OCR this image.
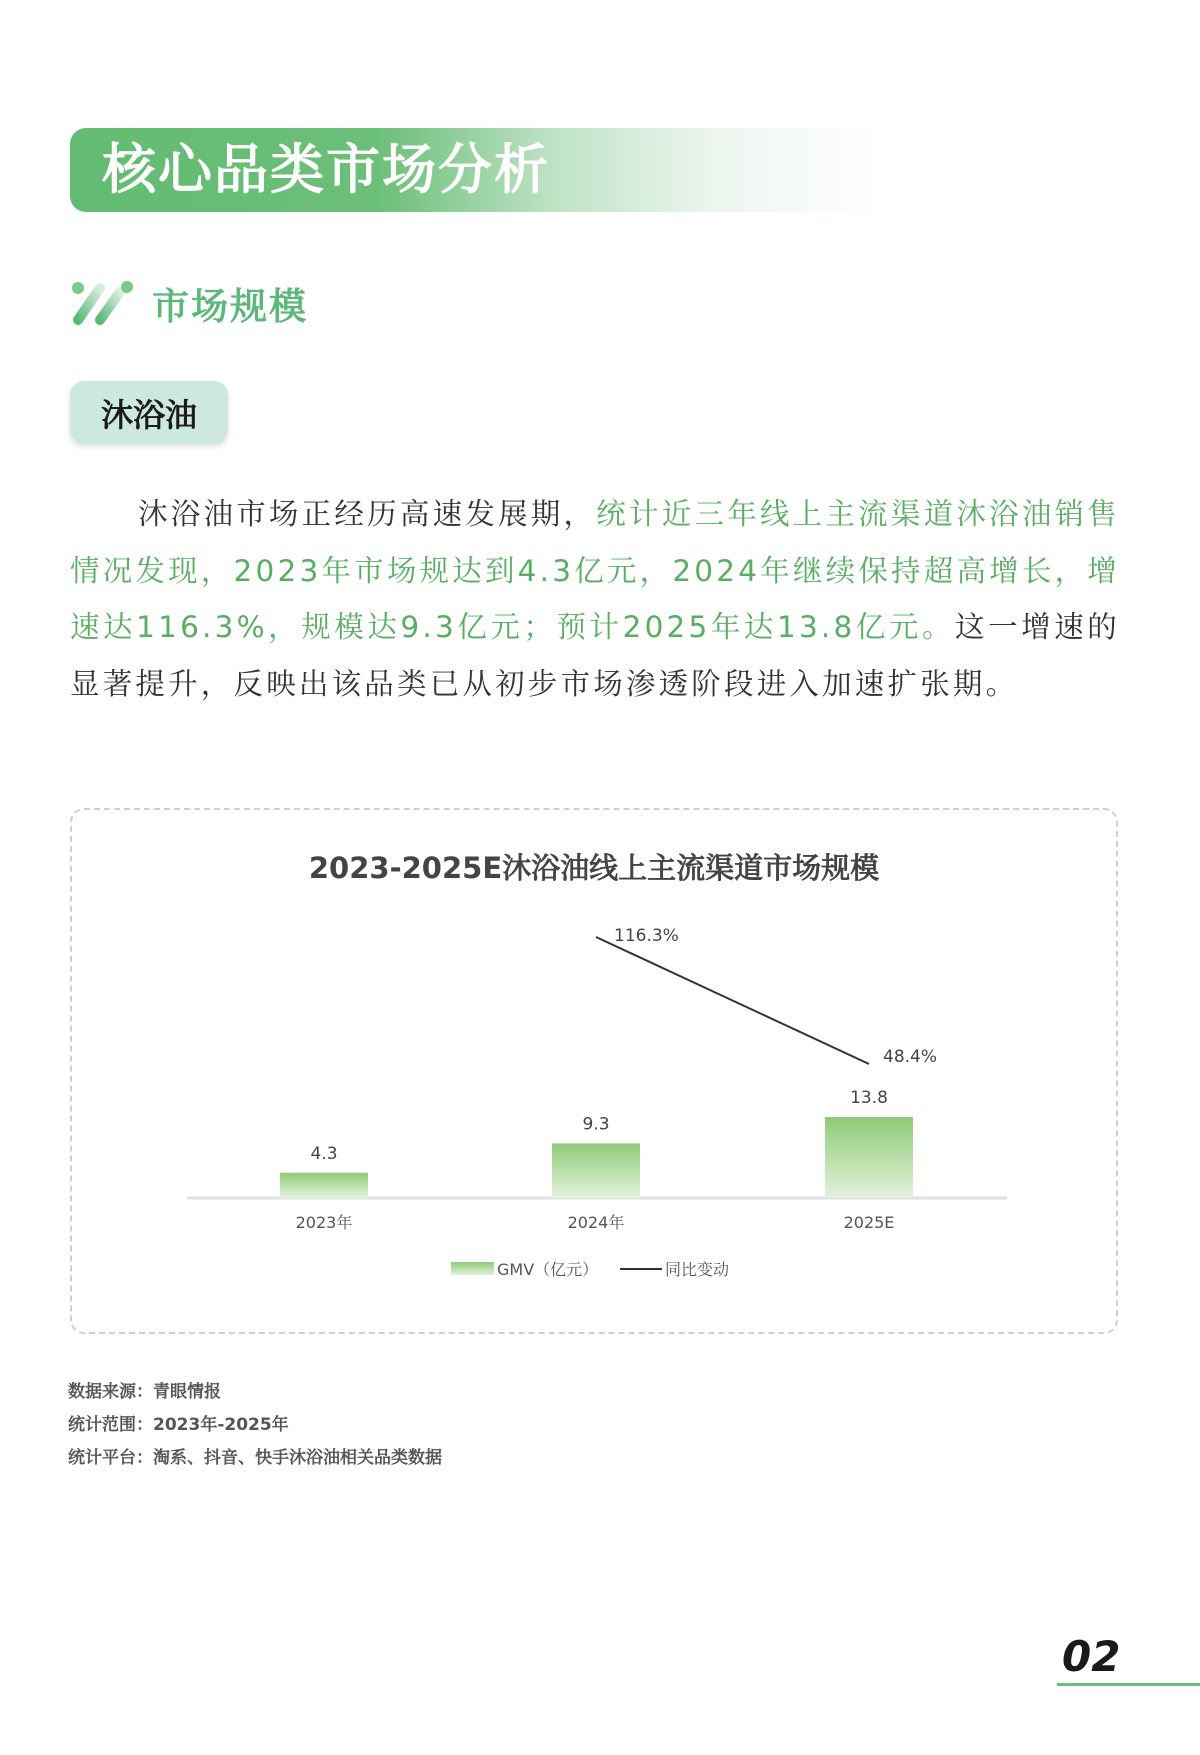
核心品类市场分析
市场规模
沐浴油
沐浴油市场正经历高速发展期，统计近三年线上主流渠道沐浴油销售情况发现，2023年市场规达到4.3亿元，2024年继续保持超高增长，增速达116.3%，规模达9.3亿元；预计2025年达13.8亿元。这一增速的显著提升，反映出该品类已从初步市场渗透阶段进入加速扩张期。
2023-2025E沐浴油线上主流渠道市场规模
4.3
9.3
13.8
116.3%
48.4%
2023年	2024年	2025E
GMV（亿元）	同比变动
数据来源：青眼情报
统计范围：2023年-2025年
统计平台：淘系、抖音、快手沐浴油相关品类数据
02
